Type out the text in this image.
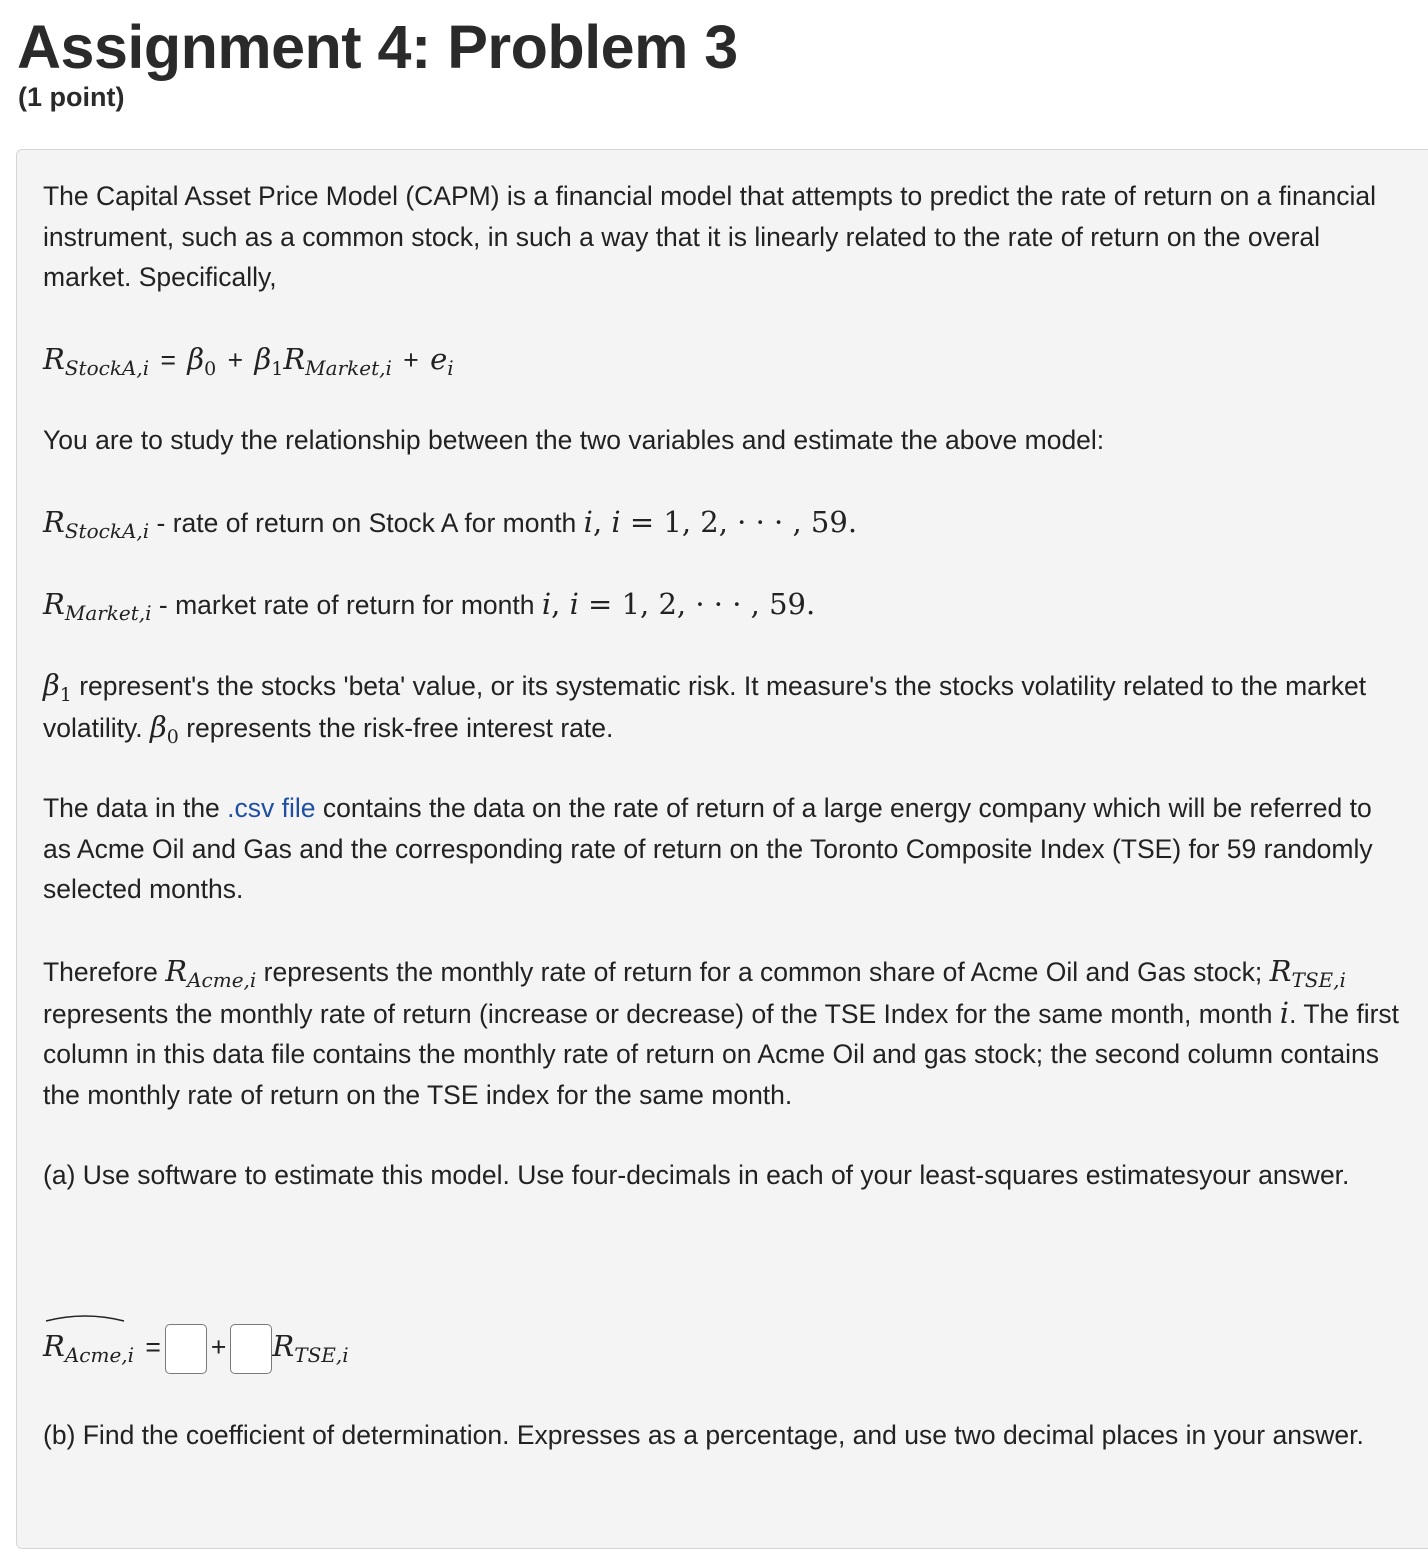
Assignment 4: Problem 3
(1 point)

The Capital Asset Price Model (CAPM) is a financial model that attempts to predict the rate of return on a financial instrument, such as a common stock, in such a way that it is linearly related to the rate of return on the overal market. Specifically,

$R_{StockA,i} = \beta_0 + \beta_1R_{Market,i} + e_i$

You are to study the relationship between the two variables and estimate the above model:

$R_{StockA,i}$ - rate of return on Stock A for month i, i = 1, 2, · · · , 59.

$R_{Market,i}$ - market rate of return for month i, i = 1, 2, · · · , 59.

$\beta_1$ represent's the stocks 'beta' value, or its systematic risk. It measure's the stocks volatility related to the market volatility. $\beta_0$ represents the risk-free interest rate.

The data in the .csv file contains the data on the rate of return of a large energy company which will be referred to as Acme Oil and Gas and the corresponding rate of return on the Toronto Composite Index (TSE) for 59 randomly selected months.

Therefore $R_{Acme,i}$ represents the monthly rate of return for a common share of Acme Oil and Gas stock; $R_{TSE,i}$ represents the monthly rate of return (increase or decrease) of the TSE Index for the same month, month i. The first column in this data file contains the monthly rate of return on Acme Oil and gas stock; the second column contains the monthly rate of return on the TSE index for the same month.

(a) Use software to estimate this model. Use four-decimals in each of your least-squares estimatesyour answer.

$R_{Acme,i}$ = + $R_{TSE,i}$

(b) Find the coefficient of determination. Expresses as a percentage, and use two decimal places in your answer.
